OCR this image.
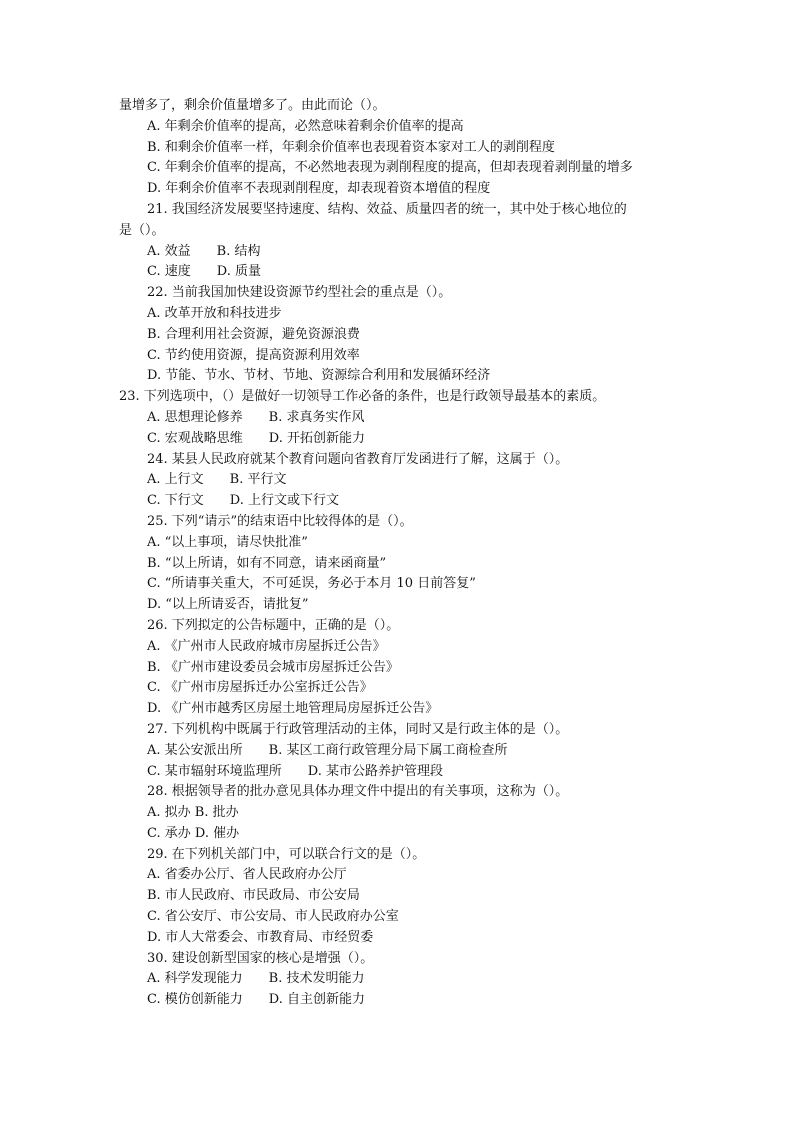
量增多了，剩余价值量增多了。由此而论（）。
A. 年剩余价值率的提高，必然意味着剩余价值率的提高
B. 和剩余价值率一样，年剩余价值率也表现着资本家对工人的剥削程度
C. 年剩余价值率的提高，不必然地表现为剥削程度的提高，但却表现着剥削量的增多
D. 年剩余价值率不表现剥削程度，却表现着资本增值的程度
21. 我国经济发展要坚持速度、结构、效益、质量四者的统一，其中处于核心地位的
是（）。
A. 效益 B. 结构
C. 速度 D. 质量
22. 当前我国加快建设资源节约型社会的重点是（）。
A. 改革开放和科技进步
B. 合理利用社会资源，避免资源浪费
C. 节约使用资源，提高资源利用效率
D. 节能、节水、节材、节地、资源综合利用和发展循环经济
23. 下列选项中，（）是做好一切领导工作必备的条件，也是行政领导最基本的素质。
A. 思想理论修养 B. 求真务实作风
C. 宏观战略思维 D. 开拓创新能力
24. 某县人民政府就某个教育问题向省教育厅发函进行了解，这属于（）。
A. 上行文 B. 平行文
C. 下行文 D. 上行文或下行文
25. 下列“请示”的结束语中比较得体的是（）。
A. “以上事项，请尽快批准”
B. “以上所请，如有不同意，请来函商量”
C. “所请事关重大，不可延误，务必于本月 10 日前答复”
D. “以上所请妥否，请批复”
26. 下列拟定的公告标题中，正确的是（）。
A. 《广州市人民政府城市房屋拆迁公告》
B. 《广州市建设委员会城市房屋拆迁公告》
C. 《广州市房屋拆迁办公室拆迁公告》
D. 《广州市越秀区房屋土地管理局房屋拆迁公告》
27. 下列机构中既属于行政管理活动的主体，同时又是行政主体的是（）。
A. 某公安派出所 B. 某区工商行政管理分局下属工商检查所
C. 某市辐射环境监理所 D. 某市公路养护管理段
28. 根据领导者的批办意见具体办理文件中提出的有关事项，这称为（）。
A. 拟办 B. 批办
C. 承办 D. 催办
29. 在下列机关部门中，可以联合行文的是（）。
A. 省委办公厅、省人民政府办公厅
B. 市人民政府、市民政局、市公安局
C. 省公安厅、市公安局、市人民政府办公室
D. 市人大常委会、市教育局、市经贸委
30. 建设创新型国家的核心是增强（）。
A. 科学发现能力 B. 技术发明能力
C. 模仿创新能力 D. 自主创新能力
